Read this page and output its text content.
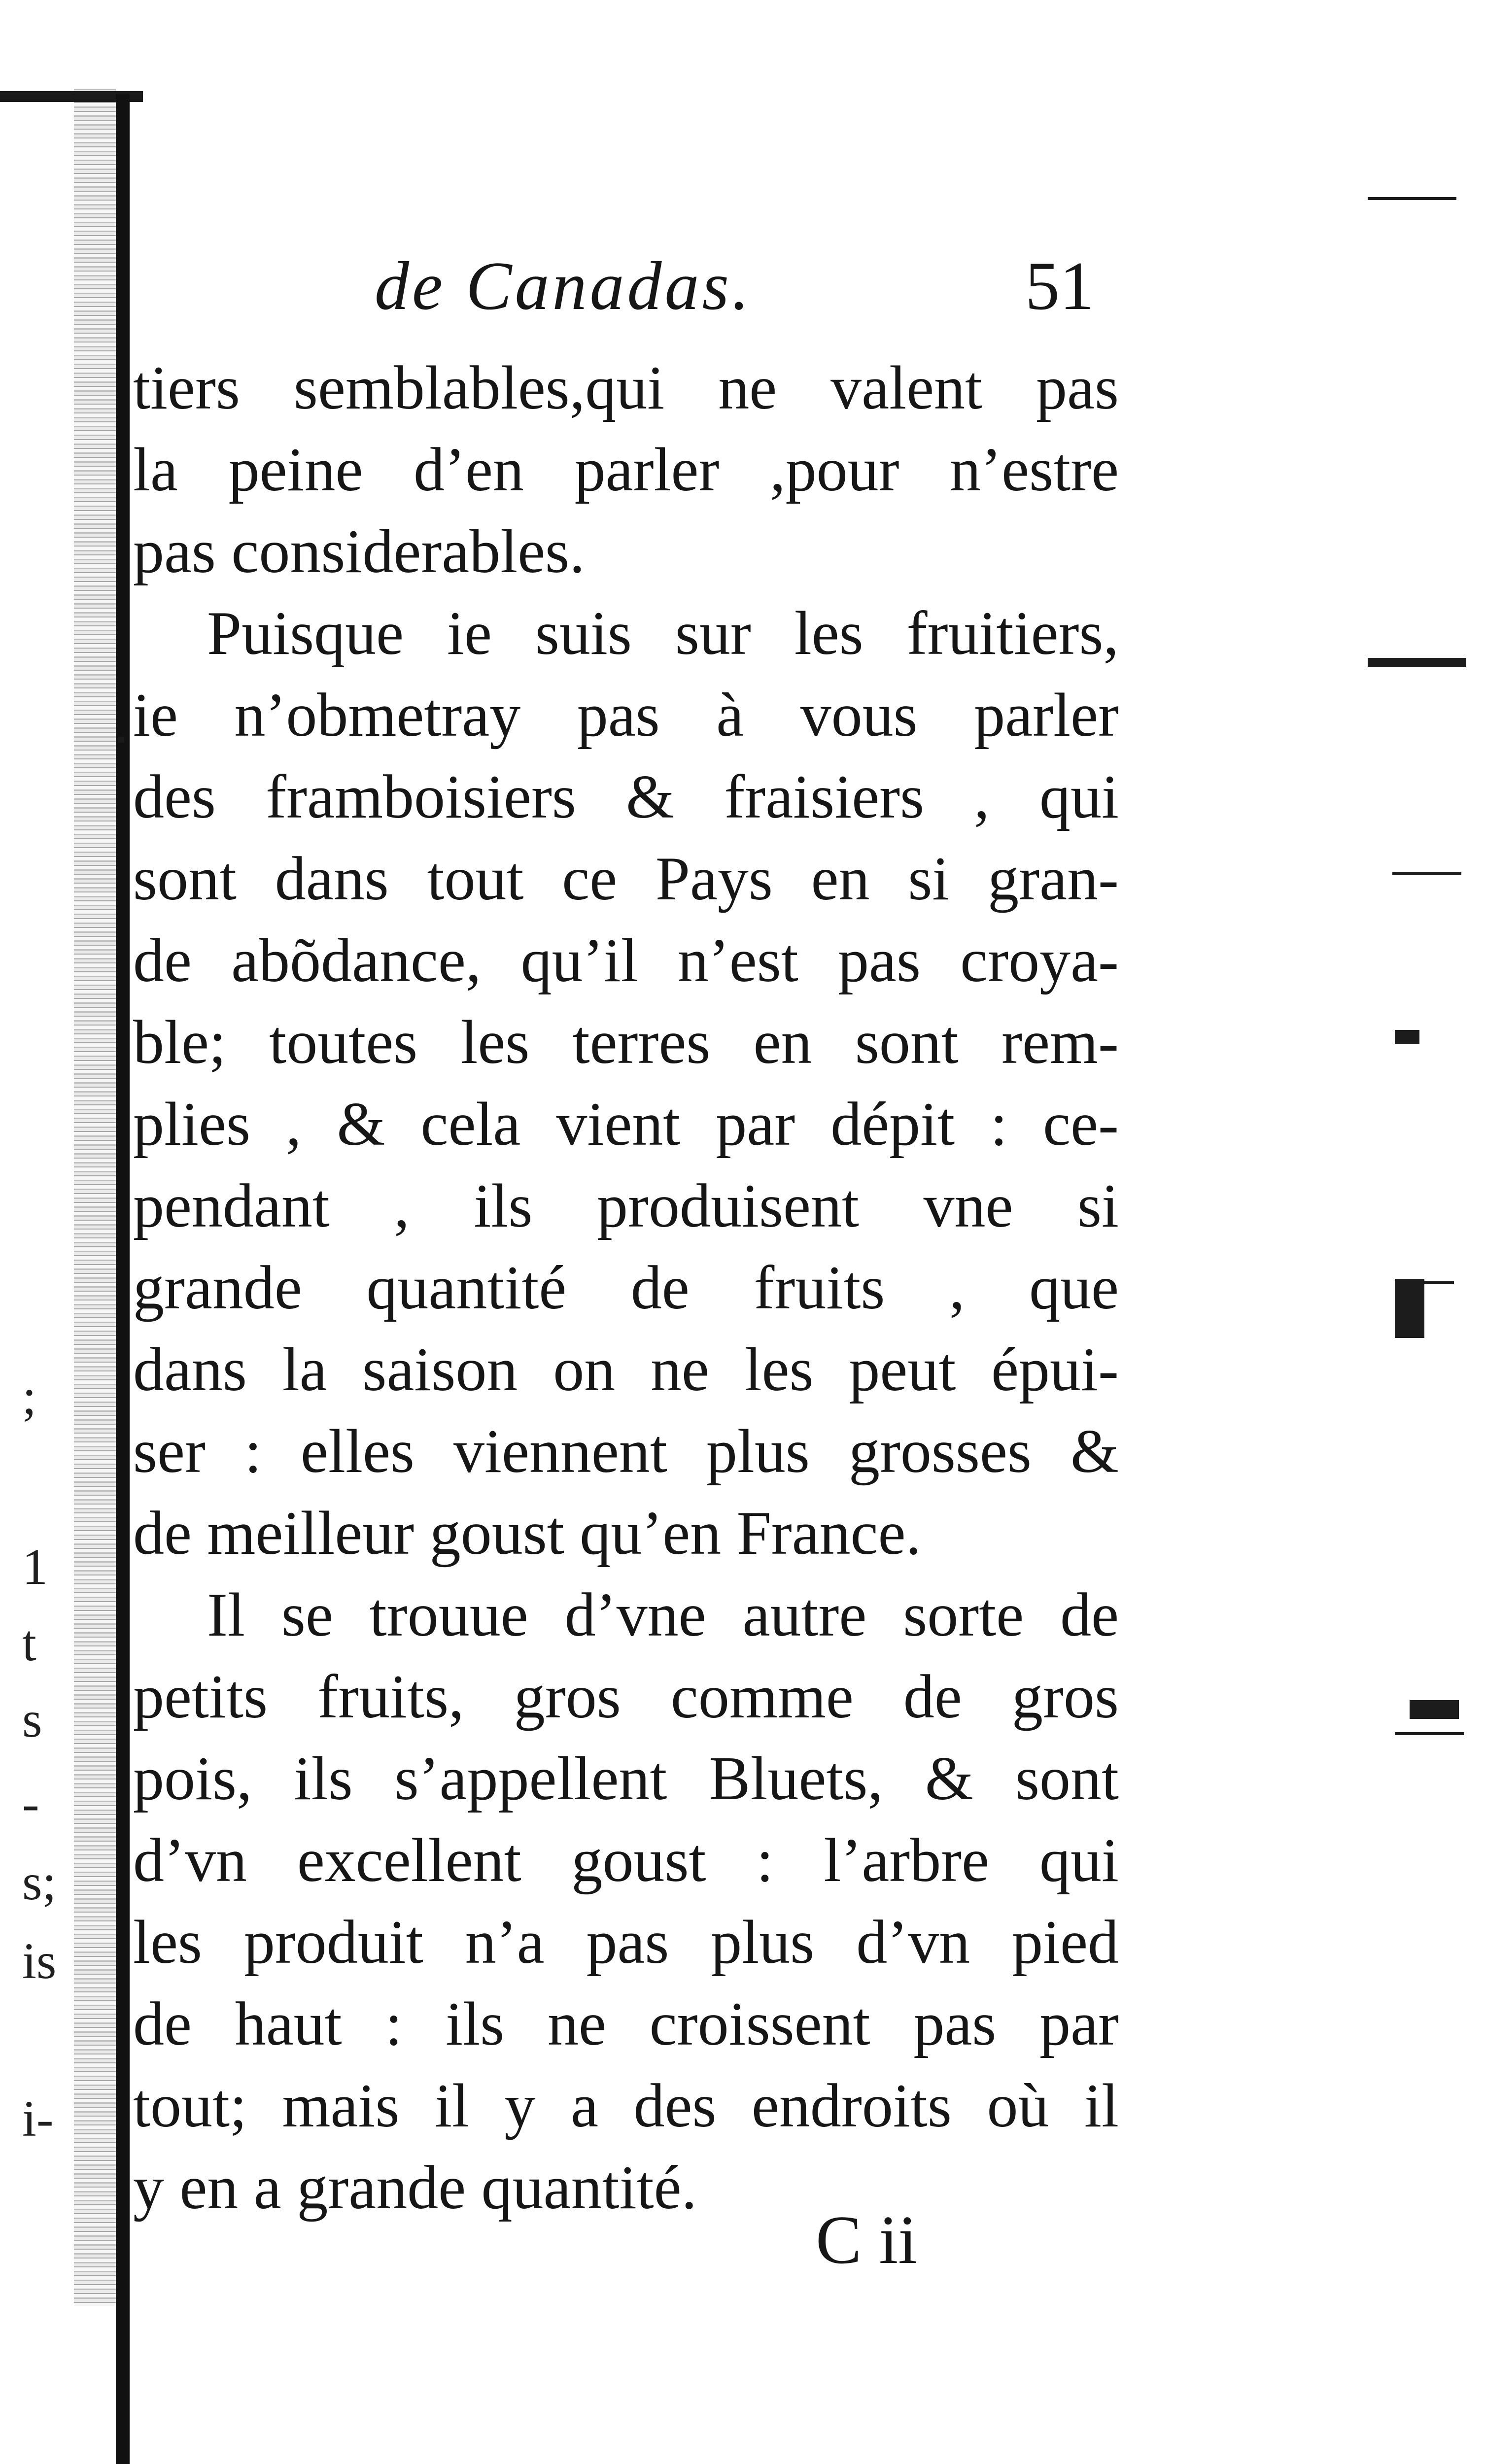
de Canadas.	51
tiers semblables,qui ne valent pas
la peine d’en parler ,pour n’estre
pas considerables.
Puisque ie suis sur les fruitiers,
ie n’obmetray pas à vous parler
des framboisiers & fraisiers , qui
sont dans tout ce Pays en si gran-
de abõdance, qu’il n’est pas croya-
ble; toutes les terres en sont rem-
plies , & cela vient par dépit : ce-
pendant , ils produisent vne si
grande quantité de fruits , que
dans la saison on ne les peut épui-
ser : elles viennent plus grosses &
de meilleur goust qu’en France.
Il se trouue d’vne autre sorte de
petits fruits, gros comme de gros
pois, ils s’appellent Bluets, & sont
d’vn excellent goust : l’arbre qui
les produit n’a pas plus d’vn pied
de haut : ils ne croissent pas par
tout; mais il y a des endroits où il
y en a grande quantité.
C ii
;
1
t
s
-
s;
is
i-
